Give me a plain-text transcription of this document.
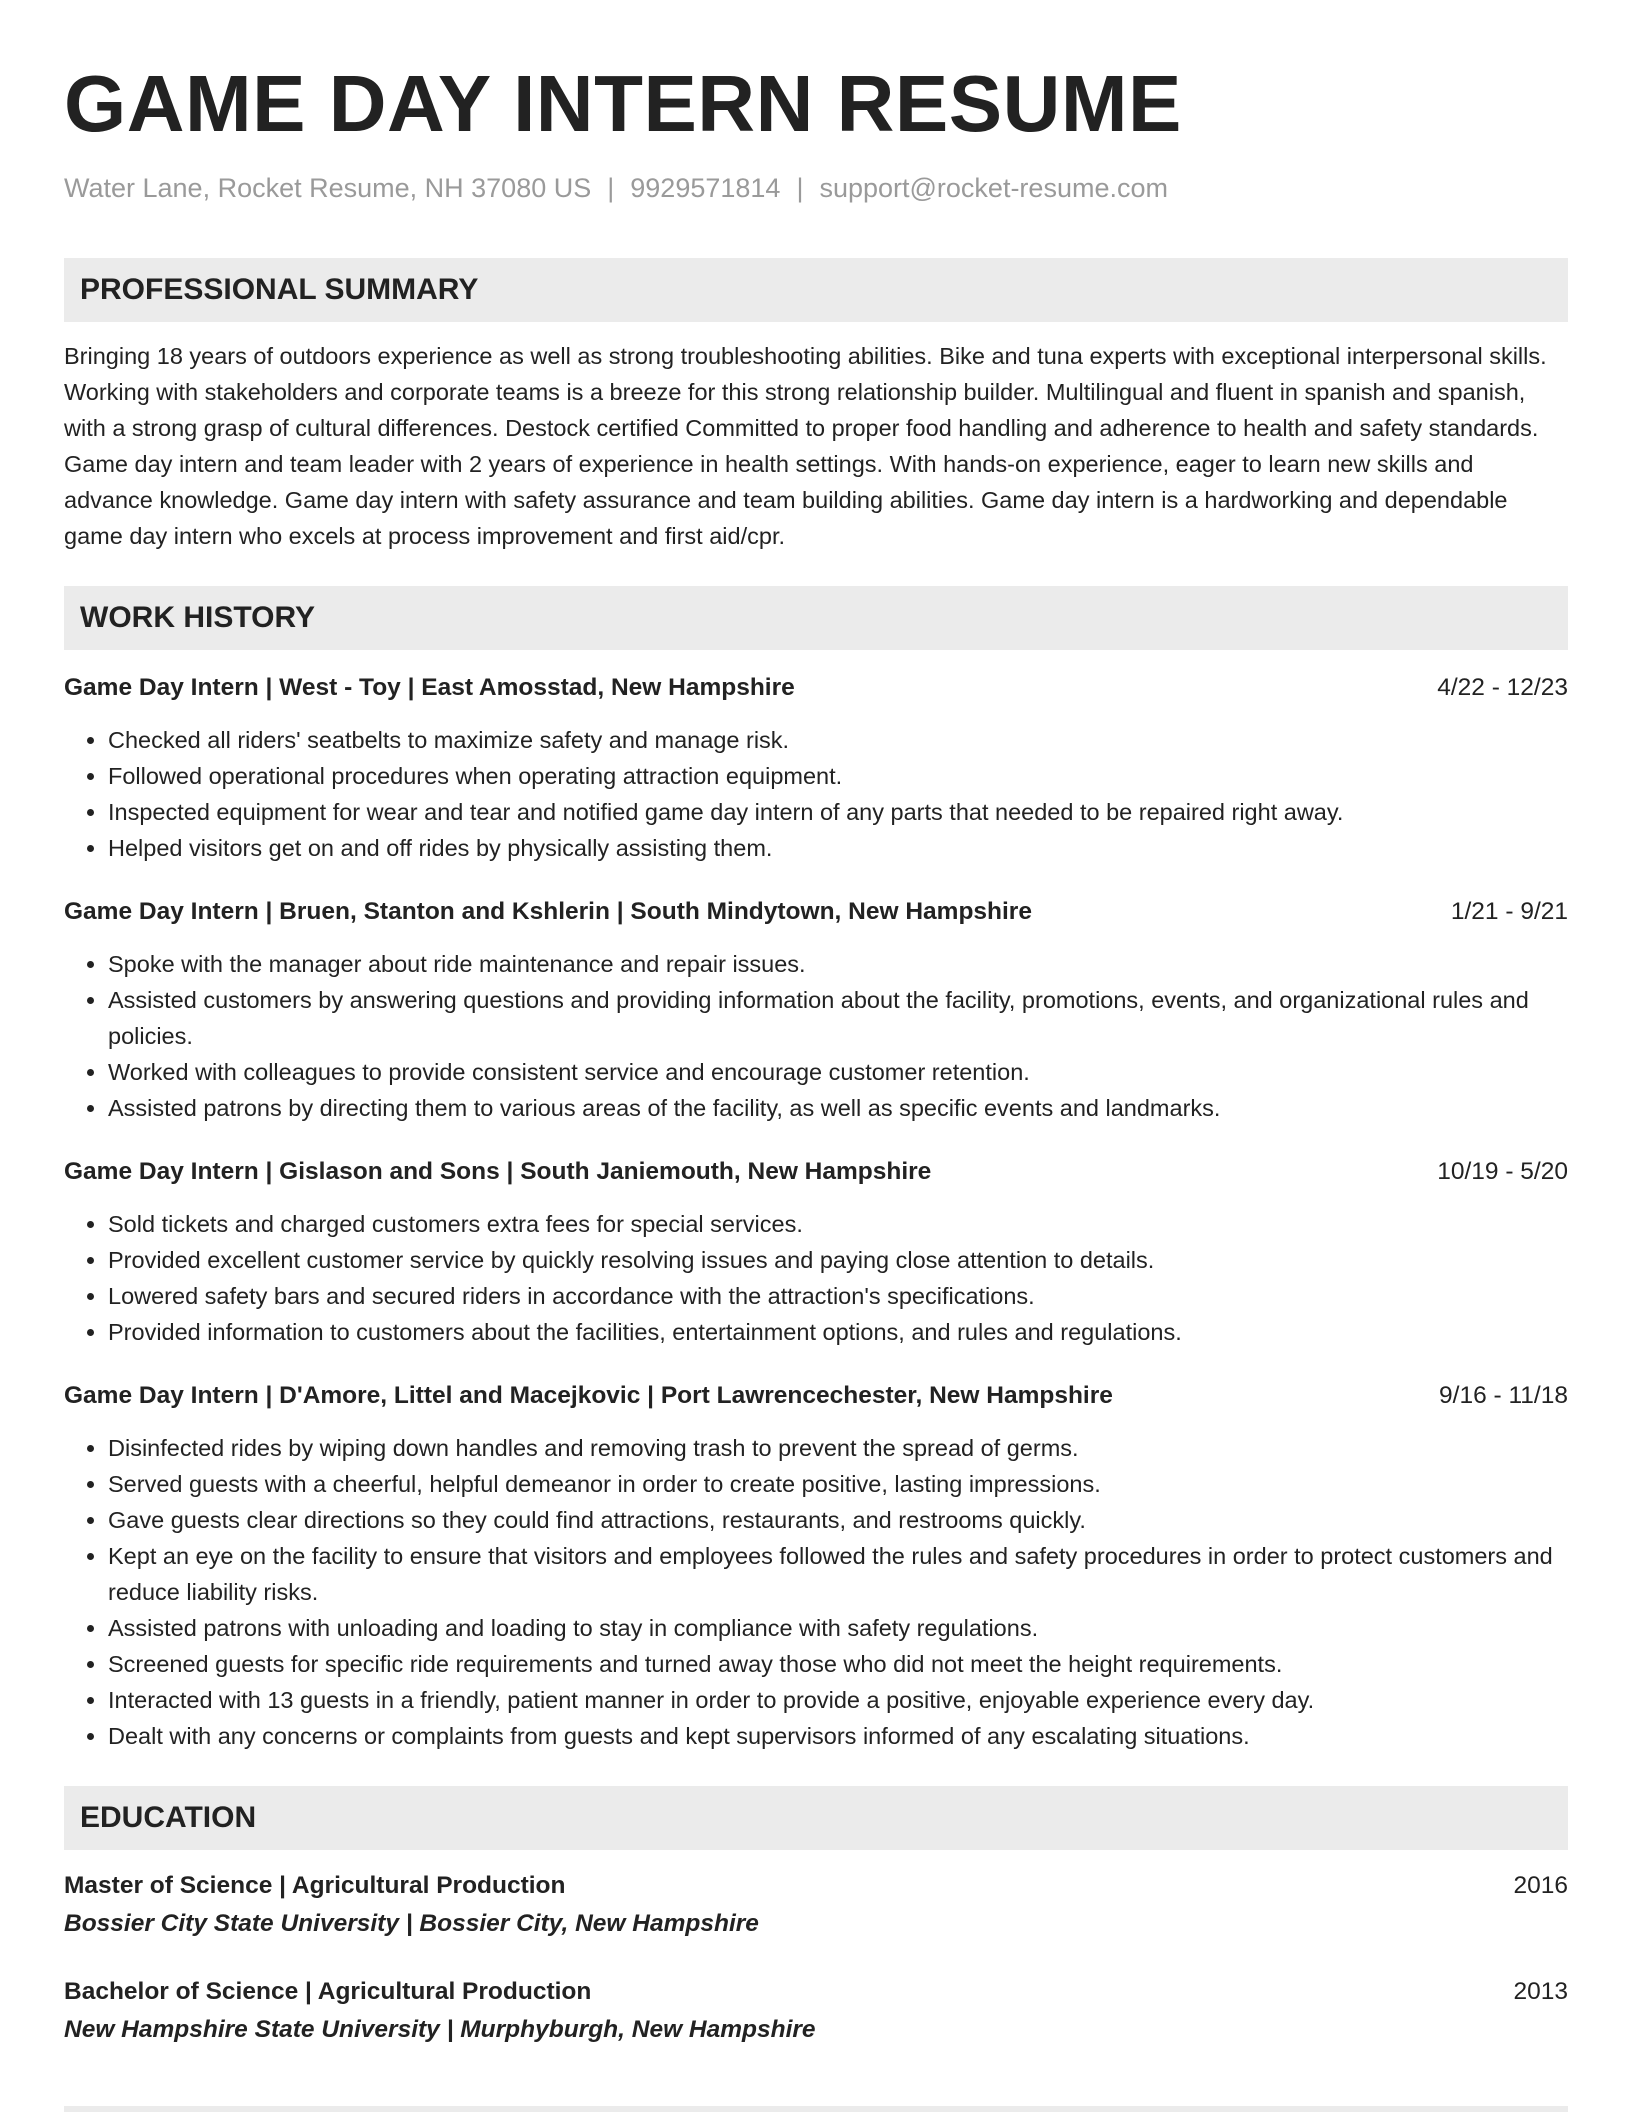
GAME DAY INTERN RESUME
Water Lane, Rocket Resume, NH 37080 US | 9929571814 | support@rocket-resume.com
PROFESSIONAL SUMMARY

Bringing 18 years of outdoors experience as well as strong troubleshooting abilities. Bike and tuna experts with exceptional interpersonal skills. Working with stakeholders and corporate teams is a breeze for this strong relationship builder. Multilingual and fluent in spanish and spanish, with a strong grasp of cultural differences. Destock certified Committed to proper food handling and adherence to health and safety standards. Game day intern and team leader with 2 years of experience in health settings. With hands-on experience, eager to learn new skills and advance knowledge. Game day intern with safety assurance and team building abilities. Game day intern is a hardworking and dependable game day intern who excels at process improvement and first aid/cpr.

WORK HISTORY
Game Day Intern | West - Toy | East Amosstad, New Hampshire	4/22 - 12/23
• Checked all riders' seatbelts to maximize safety and manage risk.
• Followed operational procedures when operating attraction equipment.
• Inspected equipment for wear and tear and notified game day intern of any parts that needed to be repaired right away.
• Helped visitors get on and off rides by physically assisting them.
Game Day Intern | Bruen, Stanton and Kshlerin | South Mindytown, New Hampshire	1/21 - 9/21
• Spoke with the manager about ride maintenance and repair issues.
• Assisted customers by answering questions and providing information about the facility, promotions, events, and organizational rules and policies.
• Worked with colleagues to provide consistent service and encourage customer retention.
• Assisted patrons by directing them to various areas of the facility, as well as specific events and landmarks.
Game Day Intern | Gislason and Sons | South Janiemouth, New Hampshire	10/19 - 5/20
• Sold tickets and charged customers extra fees for special services.
• Provided excellent customer service by quickly resolving issues and paying close attention to details.
• Lowered safety bars and secured riders in accordance with the attraction's specifications.
• Provided information to customers about the facilities, entertainment options, and rules and regulations.
Game Day Intern | D'Amore, Littel and Macejkovic | Port Lawrencechester, New Hampshire	9/16 - 11/18
• Disinfected rides by wiping down handles and removing trash to prevent the spread of germs.
• Served guests with a cheerful, helpful demeanor in order to create positive, lasting impressions.
• Gave guests clear directions so they could find attractions, restaurants, and restrooms quickly.
• Kept an eye on the facility to ensure that visitors and employees followed the rules and safety procedures in order to protect customers and reduce liability risks.
• Assisted patrons with unloading and loading to stay in compliance with safety regulations.
• Screened guests for specific ride requirements and turned away those who did not meet the height requirements.
• Interacted with 13 guests in a friendly, patient manner in order to provide a positive, enjoyable experience every day.
• Dealt with any concerns or complaints from guests and kept supervisors informed of any escalating situations.
EDUCATION
Master of Science | Agricultural Production	2016
Bossier City State University | Bossier City, New Hampshire
Bachelor of Science | Agricultural Production	2013
New Hampshire State University | Murphyburgh, New Hampshire
